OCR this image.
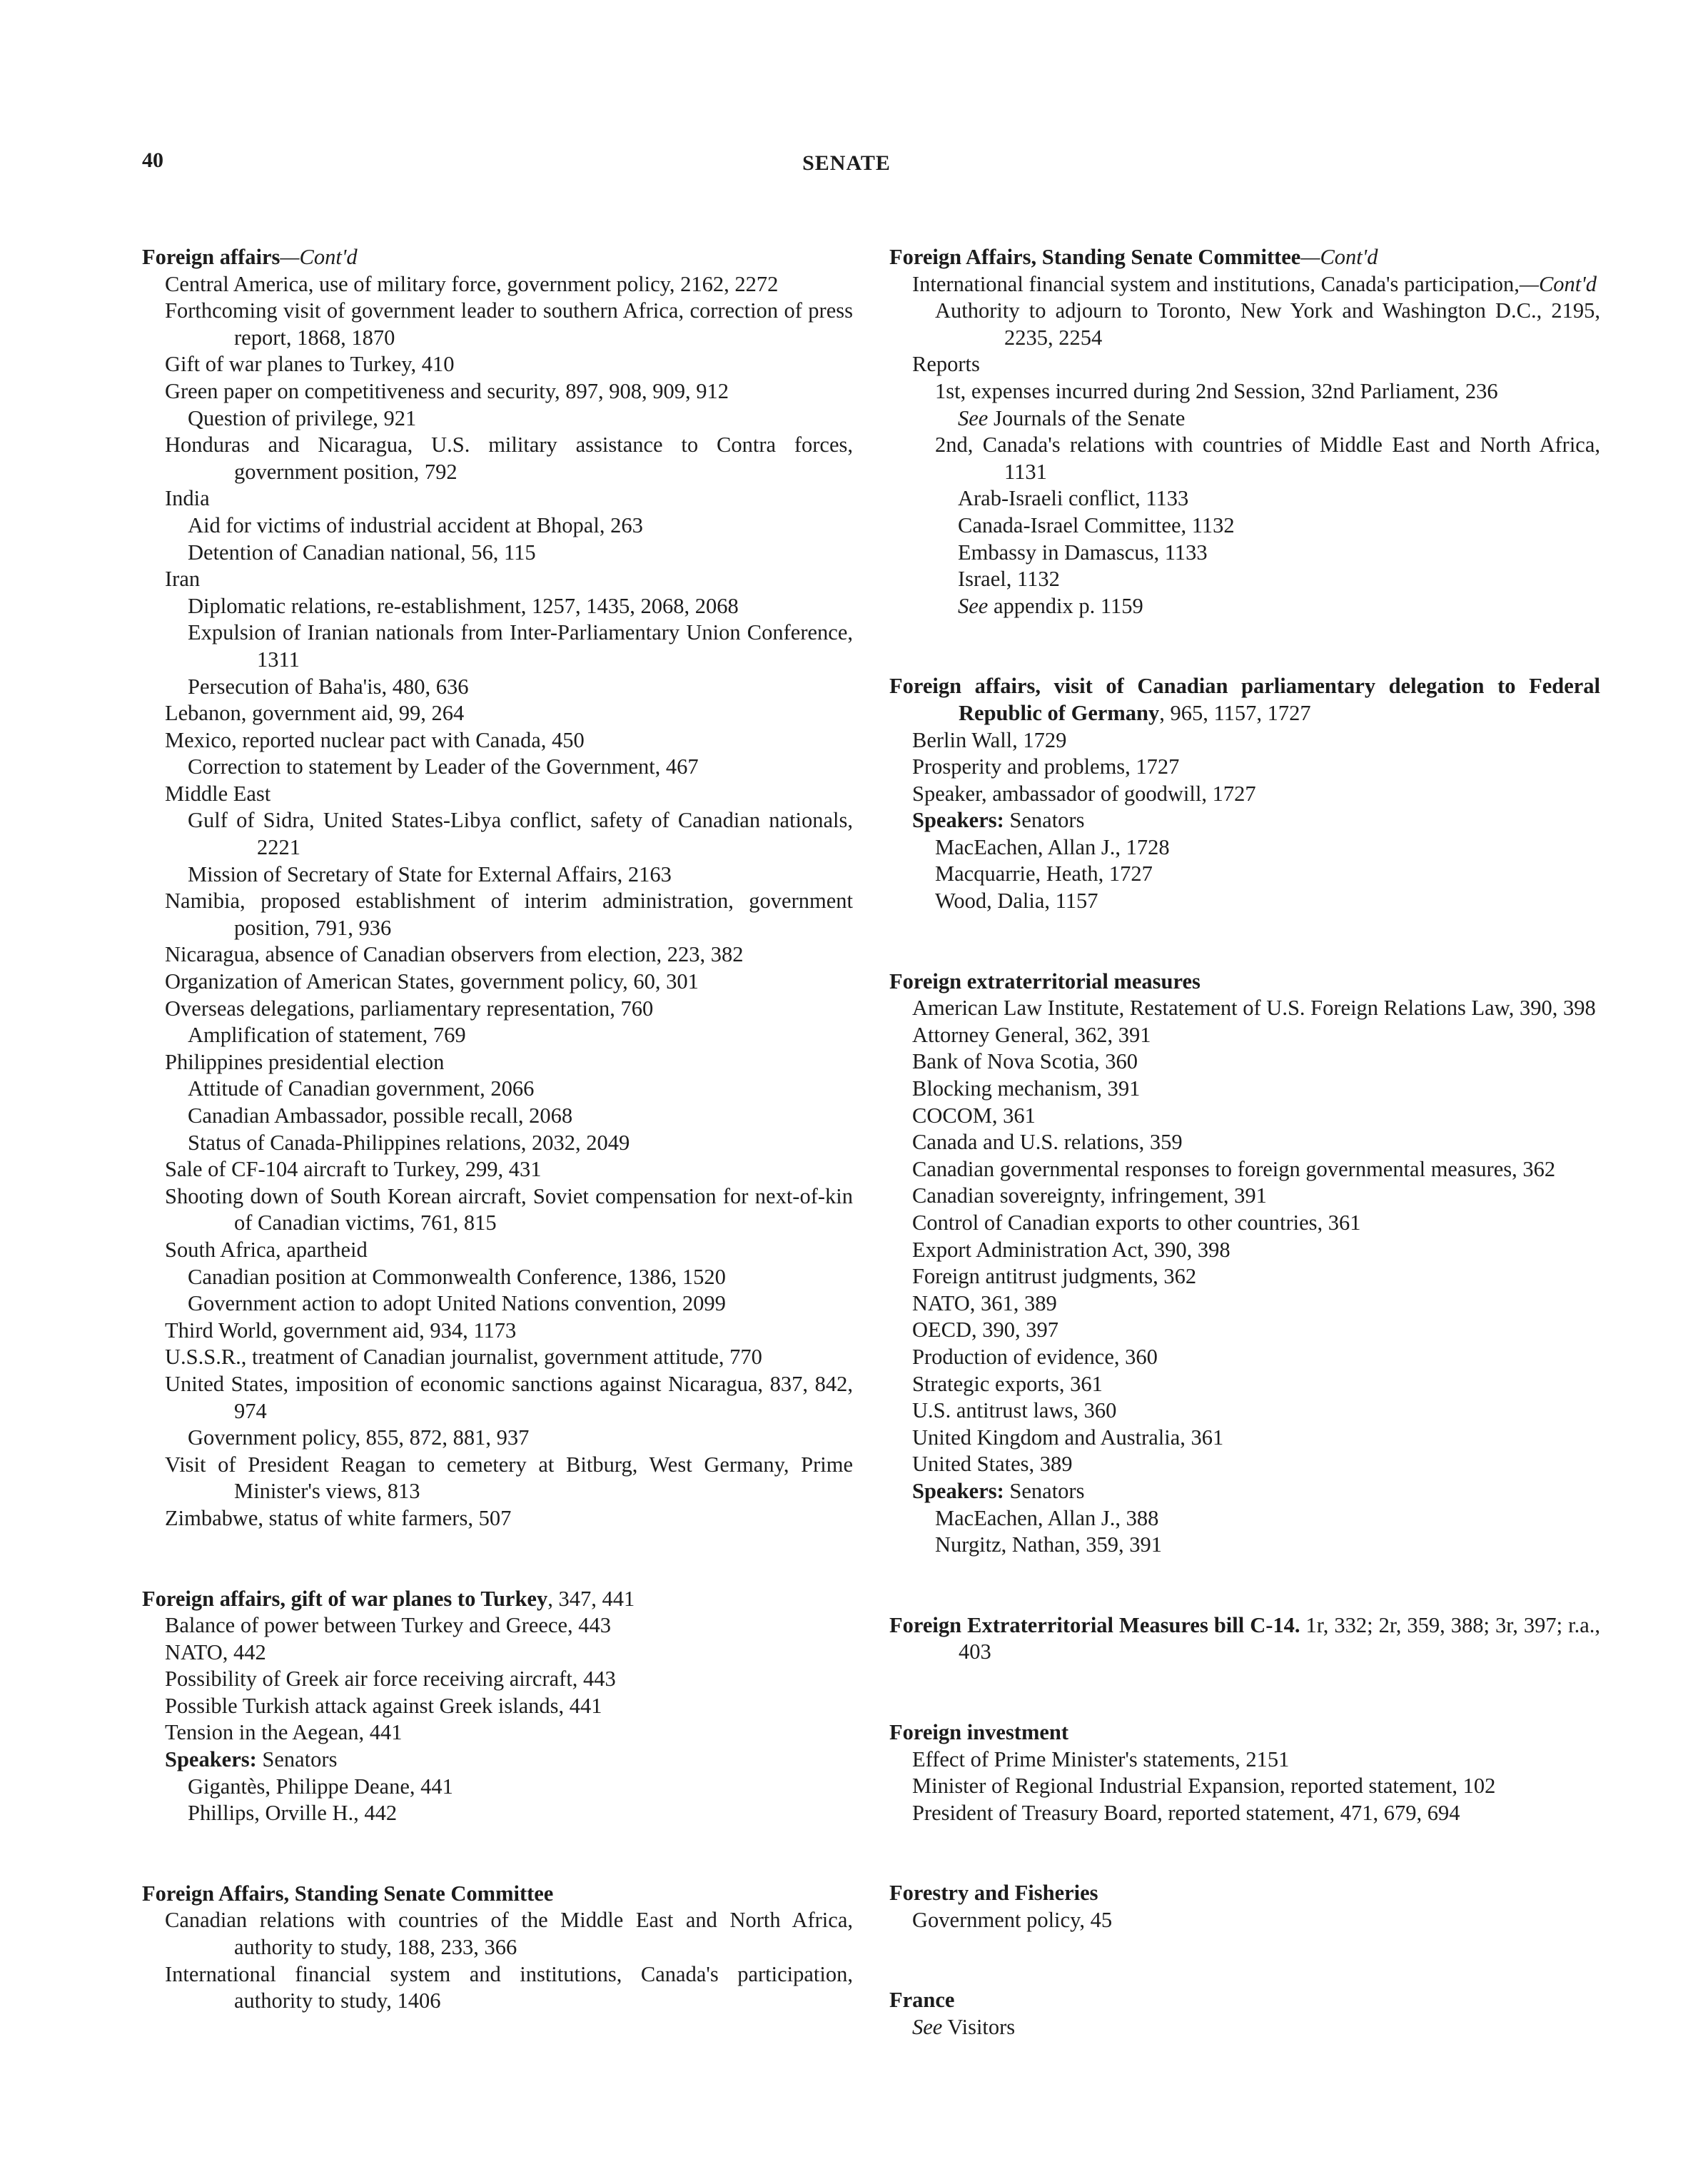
40	SENATE
Foreign affairs—Cont'd
Central America, use of military force, government policy, 2162, 2272
Forthcoming visit of government leader to southern Africa, correction of press report, 1868, 1870
Gift of war planes to Turkey, 410
Green paper on competitiveness and security, 897, 908, 909, 912
Question of privilege, 921
Honduras and Nicaragua, U.S. military assistance to Contra forces, government position, 792
India
Aid for victims of industrial accident at Bhopal, 263
Detention of Canadian national, 56, 115
Iran
Diplomatic relations, re-establishment, 1257, 1435, 2068, 2068
Expulsion of Iranian nationals from Inter-Parliamentary Union Conference, 1311
Persecution of Baha'is, 480, 636
Lebanon, government aid, 99, 264
Mexico, reported nuclear pact with Canada, 450
Correction to statement by Leader of the Government, 467
Middle East
Gulf of Sidra, United States-Libya conflict, safety of Canadian nationals, 2221
Mission of Secretary of State for External Affairs, 2163
Namibia, proposed establishment of interim administration, government position, 791, 936
Nicaragua, absence of Canadian observers from election, 223, 382
Organization of American States, government policy, 60, 301
Overseas delegations, parliamentary representation, 760
Amplification of statement, 769
Philippines presidential election
Attitude of Canadian government, 2066
Canadian Ambassador, possible recall, 2068
Status of Canada-Philippines relations, 2032, 2049
Sale of CF-104 aircraft to Turkey, 299, 431
Shooting down of South Korean aircraft, Soviet compensation for next-of-kin of Canadian victims, 761, 815
South Africa, apartheid
Canadian position at Commonwealth Conference, 1386, 1520
Government action to adopt United Nations convention, 2099
Third World, government aid, 934, 1173
U.S.S.R., treatment of Canadian journalist, government attitude, 770
United States, imposition of economic sanctions against Nicaragua, 837, 842, 974
Government policy, 855, 872, 881, 937
Visit of President Reagan to cemetery at Bitburg, West Germany, Prime Minister's views, 813
Zimbabwe, status of white farmers, 507
Foreign affairs, gift of war planes to Turkey, 347, 441
Balance of power between Turkey and Greece, 443
NATO, 442
Possibility of Greek air force receiving aircraft, 443
Possible Turkish attack against Greek islands, 441
Tension in the Aegean, 441
Speakers: Senators
Gigantès, Philippe Deane, 441
Phillips, Orville H., 442
Foreign Affairs, Standing Senate Committee
Canadian relations with countries of the Middle East and North Africa, authority to study, 188, 233, 366
International financial system and institutions, Canada's participation, authority to study, 1406
Foreign Affairs, Standing Senate Committee—Cont'd
International financial system and institutions, Canada's participation,—Cont'd
Authority to adjourn to Toronto, New York and Washington D.C., 2195, 2235, 2254
Reports
1st, expenses incurred during 2nd Session, 32nd Parliament, 236
See Journals of the Senate
2nd, Canada's relations with countries of Middle East and North Africa, 1131
Arab-Israeli conflict, 1133
Canada-Israel Committee, 1132
Embassy in Damascus, 1133
Israel, 1132
See appendix p. 1159
Foreign affairs, visit of Canadian parliamentary delegation to Federal Republic of Germany, 965, 1157, 1727
Berlin Wall, 1729
Prosperity and problems, 1727
Speaker, ambassador of goodwill, 1727
Speakers: Senators
MacEachen, Allan J., 1728
Macquarrie, Heath, 1727
Wood, Dalia, 1157
Foreign extraterritorial measures
American Law Institute, Restatement of U.S. Foreign Relations Law, 390, 398
Attorney General, 362, 391
Bank of Nova Scotia, 360
Blocking mechanism, 391
COCOM, 361
Canada and U.S. relations, 359
Canadian governmental responses to foreign governmental measures, 362
Canadian sovereignty, infringement, 391
Control of Canadian exports to other countries, 361
Export Administration Act, 390, 398
Foreign antitrust judgments, 362
NATO, 361, 389
OECD, 390, 397
Production of evidence, 360
Strategic exports, 361
U.S. antitrust laws, 360
United Kingdom and Australia, 361
United States, 389
Speakers: Senators
MacEachen, Allan J., 388
Nurgitz, Nathan, 359, 391
Foreign Extraterritorial Measures bill C-14. 1r, 332; 2r, 359, 388; 3r, 397; r.a., 403
Foreign investment
Effect of Prime Minister's statements, 2151
Minister of Regional Industrial Expansion, reported statement, 102
President of Treasury Board, reported statement, 471, 679, 694
Forestry and Fisheries
Government policy, 45
France
See Visitors
